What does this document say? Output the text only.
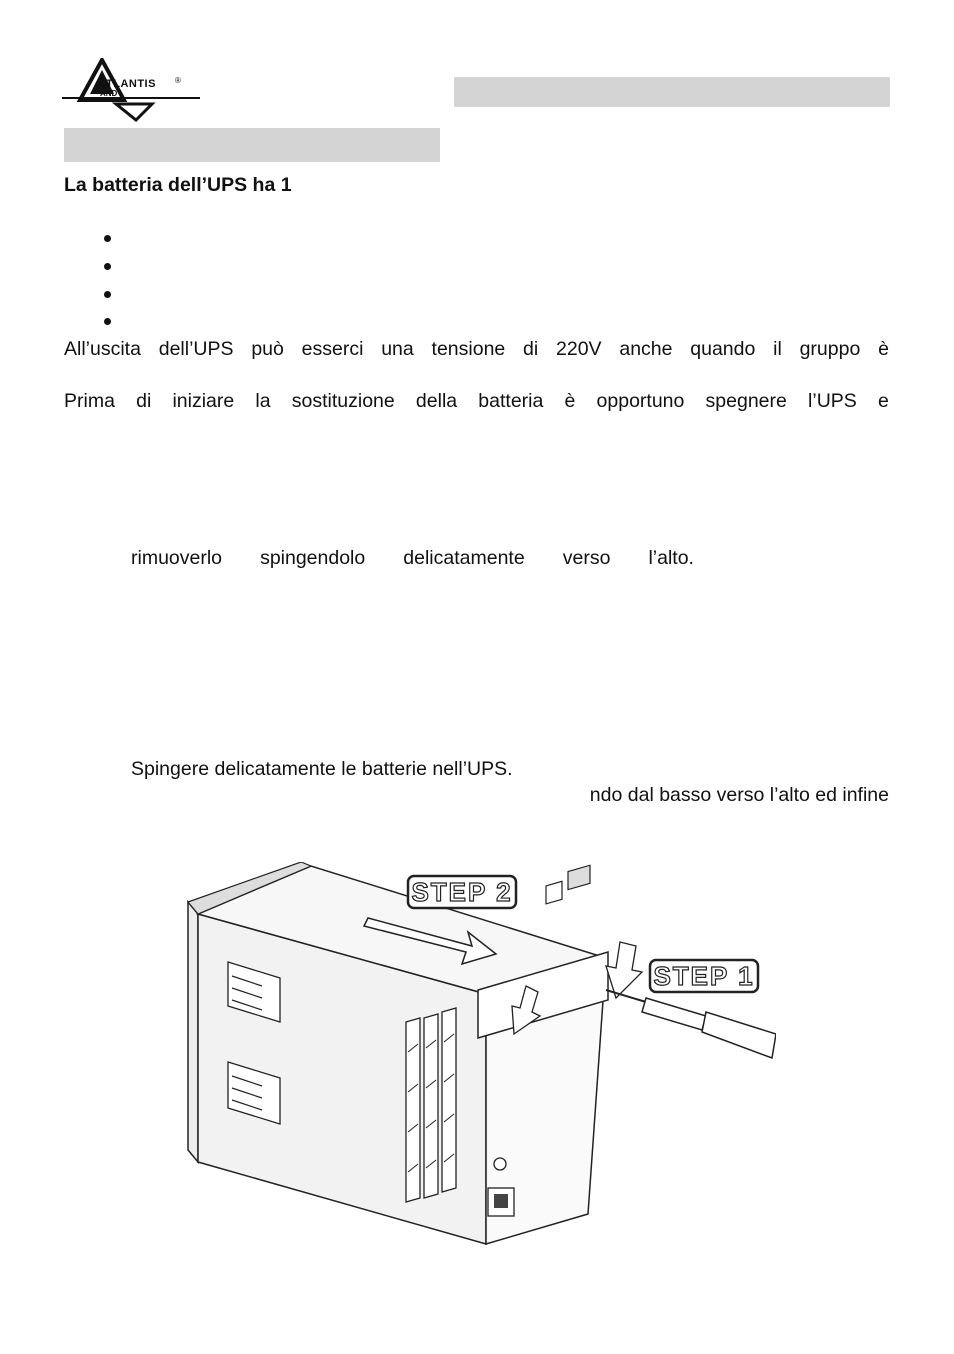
TLANTIS ®
AND
La batteria dell’UPS ha 1
All’uscita dell’UPS può esserci una tensione di 220V anche quando il gruppo è
Prima di iniziare la sostituzione della batteria è opportuno spegnere l’UPS e
rimuoverlo spingendolo delicatamente verso l’alto.
Spingere delicatamente le batterie nell’UPS.
ndo dal basso verso l’alto ed infine
STEP 2
STEP 1
